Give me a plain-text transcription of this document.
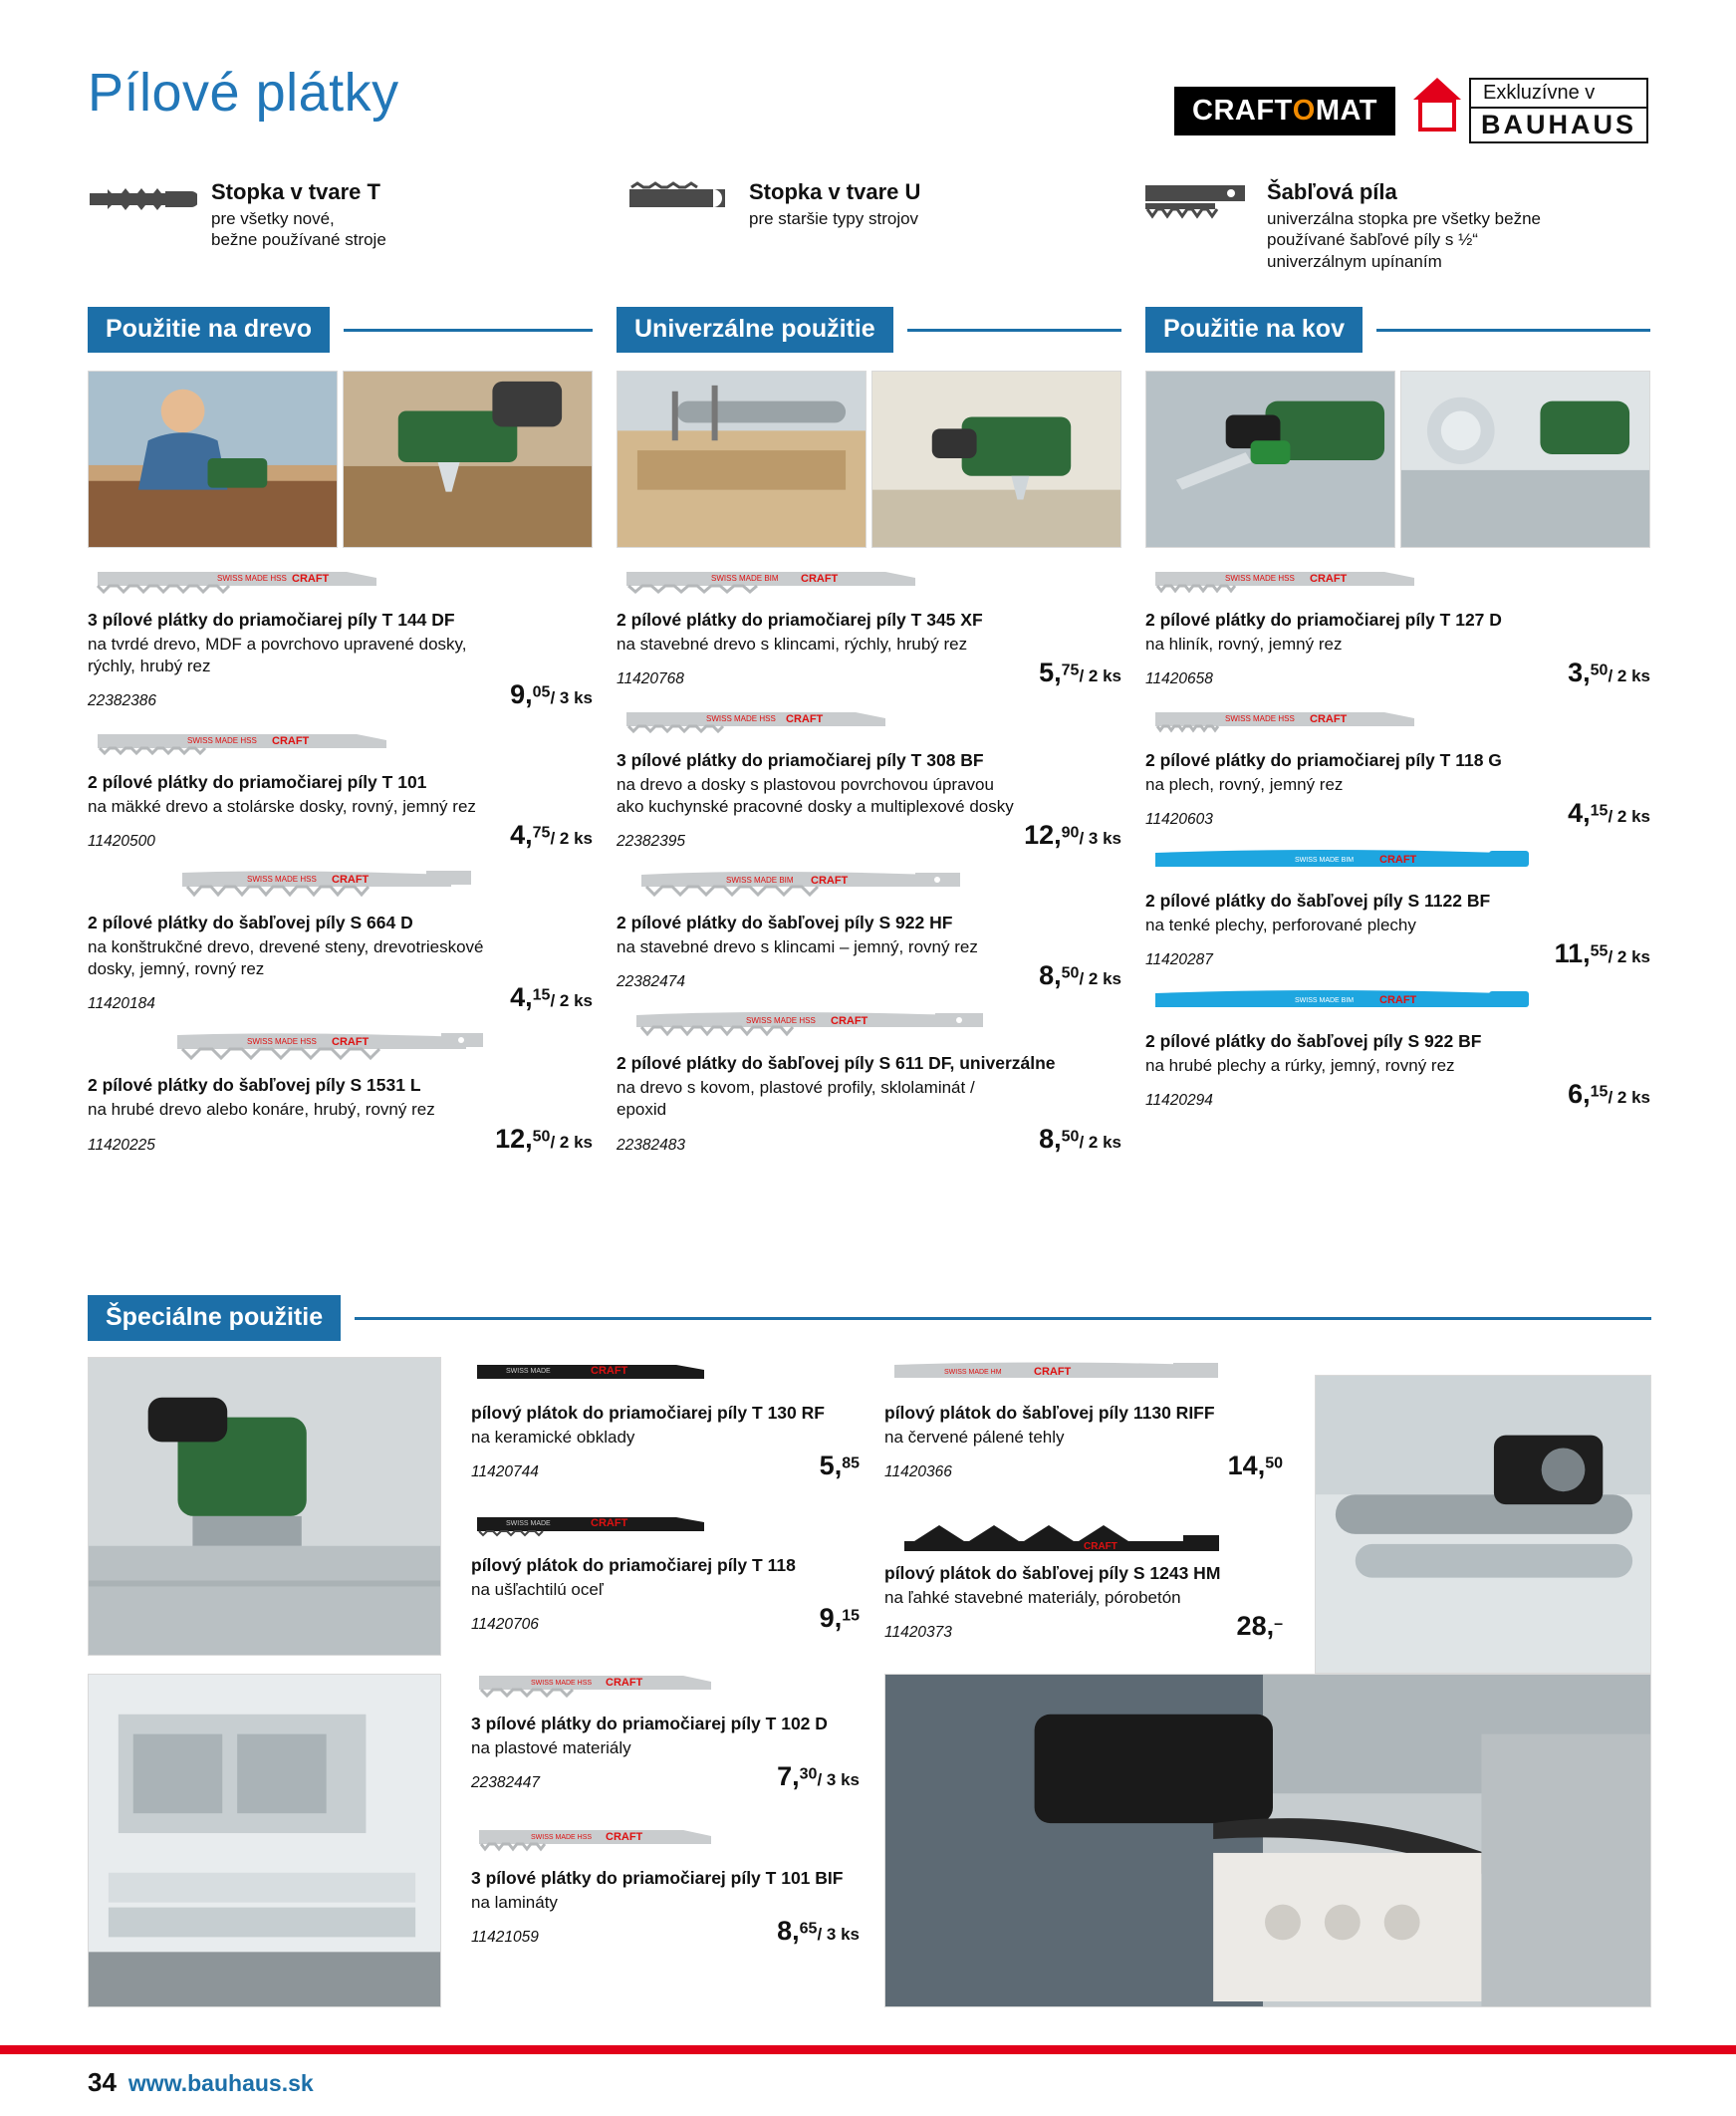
Pílové plátky	CRAFT O MAT
Exkluzívne v
BAUHAUS
Stopka v tvare T

pre všetky nové,
bežne používané stroje

Stopka v tvare U

pre staršie typy strojov

Šabľová píla

univerzálna stopka pre všetky bežne
používané šabľové píly s ½“
univerzálnym upínaním

Použitie na drevo
SWISS MADE HSS CRAFT
3 pílové plátky do priamočiarej píly T 144 DF

na tvrdé drevo, MDF a povrchovo upravené dosky,
rýchly, hrubý rez

22382386	9,05/ 3 ks
SWISS MADE HSS CRAFT
2 pílové plátky do priamočiarej píly T 101

na mäkké drevo a stolárske dosky, rovný, jemný rez

11420500	4,75/ 2 ks
SWISS MADE HSS CRAFT
2 pílové plátky do šabľovej píly S 664 D

na konštrukčné drevo, drevené steny, drevotrieskové
dosky, jemný, rovný rez

11420184	4,15/ 2 ks
SWISS MADE HSS CRAFT
2 pílové plátky do šabľovej píly S 1531 L

na hrubé drevo alebo konáre, hrubý, rovný rez

11420225	12,50/ 2 ks
Univerzálne použitie
SWISS MADE BIM CRAFT
2 pílové plátky do priamočiarej píly T 345 XF

na stavebné drevo s klincami, rýchly, hrubý rez

11420768	5,75/ 2 ks
SWISS MADE HSS CRAFT
3 pílové plátky do priamočiarej píly T 308 BF

na drevo a dosky s plastovou povrchovou úpravou
ako kuchynské pracovné dosky a multiplexové dosky

22382395	12,90/ 3 ks
SWISS MADE BIM CRAFT
2 pílové plátky do šabľovej píly S 922 HF

na stavebné drevo s klincami – jemný, rovný rez

22382474	8,50/ 2 ks
SWISS MADE HSS CRAFT
2 pílové plátky do šabľovej píly S 611 DF, univerzálne

na drevo s kovom, plastové profily, sklolaminát /
epoxid

22382483	8,50/ 2 ks
Použitie na kov
SWISS MADE HSS CRAFT
2 pílové plátky do priamočiarej píly T 127 D

na hliník, rovný, jemný rez

11420658	3,50/ 2 ks
SWISS MADE HSS CRAFT
2 pílové plátky do priamočiarej píly T 118 G

na plech, rovný, jemný rez

11420603	4,15/ 2 ks
SWISS MADE BIM CRAFT
2 pílové plátky do šabľovej píly S 1122 BF

na tenké plechy, perforované plechy

11420287	11,55/ 2 ks
SWISS MADE BIM CRAFT
2 pílové plátky do šabľovej píly S 922 BF

na hrubé plechy a rúrky, jemný, rovný rez

11420294	6,15/ 2 ks
Špeciálne použitie
SWISS MADE	CRAFT
pílový plátok do priamočiarej píly T 130 RF

na keramické obklady

11420744	5,85
SWISS MADE	CRAFT
pílový plátok do priamočiarej píly T 118

na ušľachtilú oceľ

11420706	9,15
SWISS MADE HSS CRAFT
3 pílové plátky do priamočiarej píly T 102 D

na plastové materiály

22382447	7,30/ 3 ks
SWISS MADE HSS CRAFT
3 pílové plátky do priamočiarej píly T 101 BIF

na lamináty

11421059	8,65/ 3 ks
SWISS MADE HM	CRAFT
pílový plátok do šabľovej píly 1130 RIFF

na červené pálené tehly

11420366	14,50
CRAFT
pílový plátok do šabľovej píly S 1243 HM

na ľahké stavebné materiály, pórobetón

11420373	28,–
34 www.bauhaus.sk
